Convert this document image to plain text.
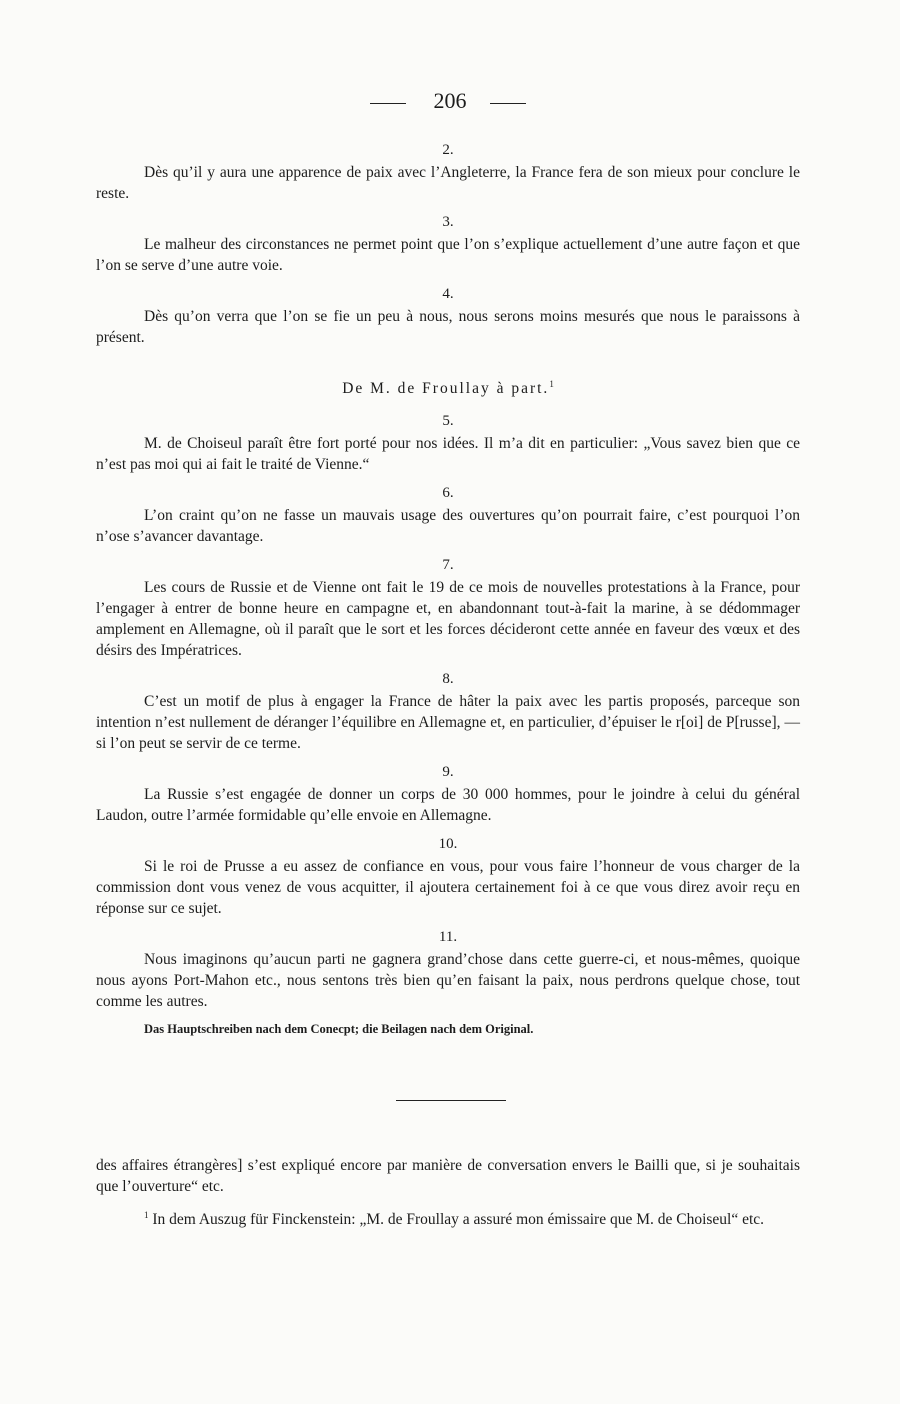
206
2.

Dès qu’il y aura une apparence de paix avec l’Angleterre, la France fera de son mieux pour conclure le reste.

3.

Le malheur des circonstances ne permet point que l’on s’explique actuellement d’une autre façon et que l’on se serve d’une autre voie.

4.

Dès qu’on verra que l’on se fie un peu à nous, nous serons moins mesurés que nous le paraissons à présent.

De M. de Froullay à part.$^1$
5.

M. de Choiseul paraît être fort porté pour nos idées. Il m’a dit en particulier: „Vous savez bien que ce n’est pas moi qui ai fait le traité de Vienne.“

6.

L’on craint qu’on ne fasse un mauvais usage des ouvertures qu’on pourrait faire, c’est pourquoi l’on n’ose s’avancer davantage.

7.

Les cours de Russie et de Vienne ont fait le 19 de ce mois de nouvelles protestations à la France, pour l’engager à entrer de bonne heure en campagne et, en abandonnant tout-à-fait la marine, à se dédommager amplement en Allemagne, où il paraît que le sort et les forces décideront cette année en faveur des vœux et des désirs des Impératrices.

8.

C’est un motif de plus à engager la France de hâter la paix avec les partis proposés, parceque son intention n’est nullement de déranger l’équilibre en Allemagne et, en particulier, d’épuiser le r[oi] de P[russe], — si l’on peut se servir de ce terme.

9.

La Russie s’est engagée de donner un corps de 30 000 hommes, pour le joindre à celui du général Laudon, outre l’armée formidable qu’elle envoie en Allemagne.

10.

Si le roi de Prusse a eu assez de confiance en vous, pour vous faire l’honneur de vous charger de la commission dont vous venez de vous acquitter, il ajoutera certainement foi à ce que vous direz avoir reçu en réponse sur ce sujet.

11.

Nous imaginons qu’aucun parti ne gagnera grand’chose dans cette guerre-ci, et nous-mêmes, quoique nous ayons Port-Mahon etc., nous sentons très bien qu’en faisant la paix, nous perdrons quelque chose, tout comme les autres.

Das Hauptschreiben nach dem Conecpt; die Beilagen nach dem Original.

des affaires étrangères] s’est expliqué encore par manière de conversation envers le Bailli que, si je souhaitais que l’ouverture“ etc.

$^1$ In dem Auszug für Finckenstein: „M. de Froullay a assuré mon émissaire que M. de Choiseul“ etc.
